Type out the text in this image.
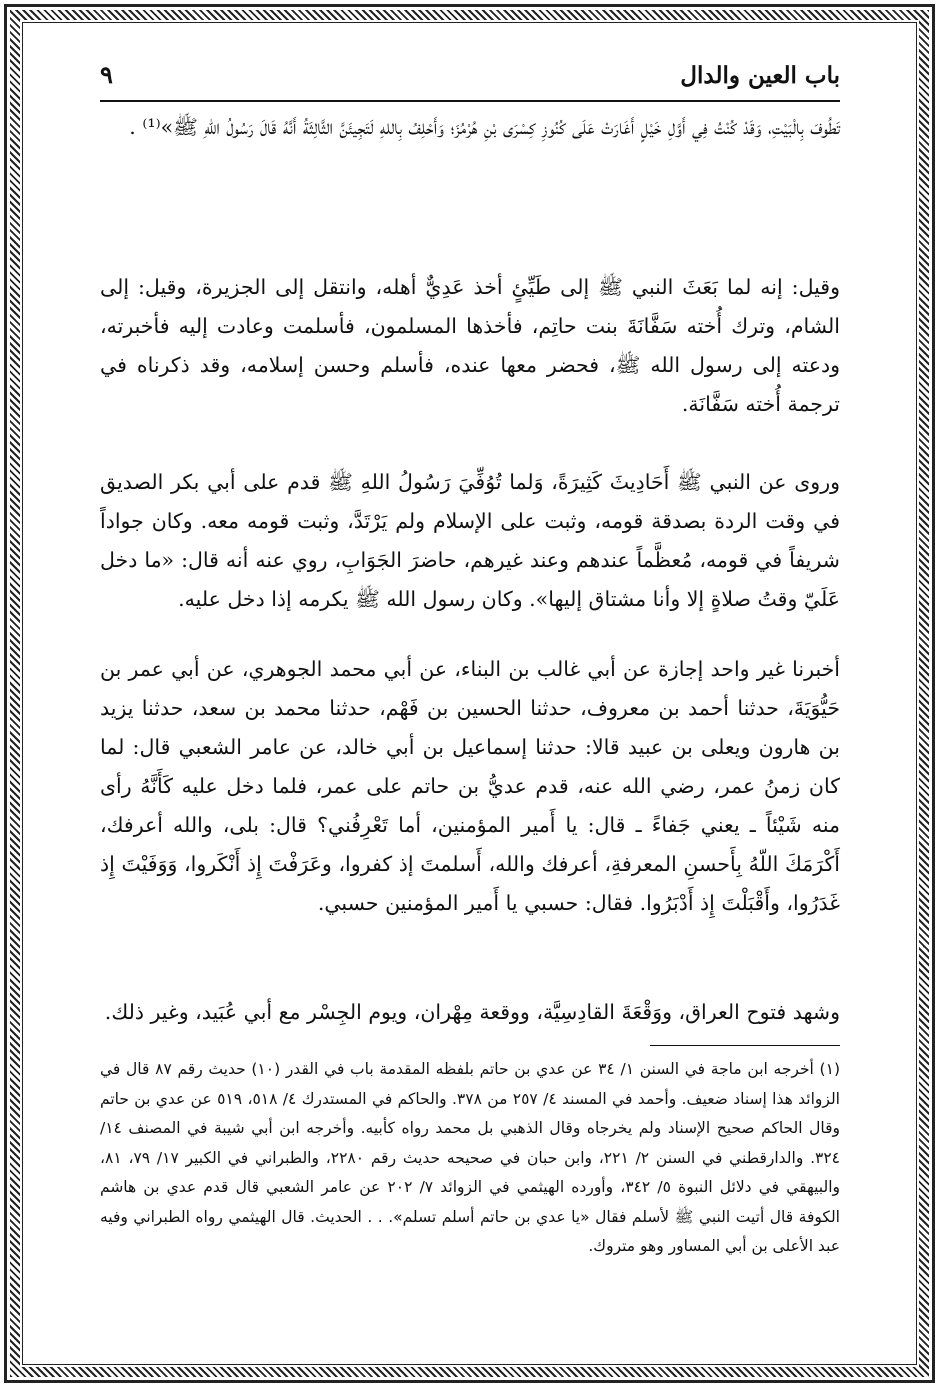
باب العين والدال
٩

تَطُوفَ بِالْبَيْتِ، وَقَدْ كُنْتُ فِي أَوَّلِ خَيْلٍ أَغَارَتْ عَلَى كُنُوزِ كِسْرَى بْنِ هُرْمُزَ؛ وَأَحْلِفُ بِاللهِ لَتَجِيئَنَّ الثَّالِثَةُ أَنَّهُ قَالَ رَسُولُ اللهِ ﷺ»⁽¹⁾ .

وقيل: إنه لما بَعَثَ النبي ﷺ إلى طَيِّئٍ أخذ عَدِيٌّ أهله، وانتقل إلى الجزيرة، وقيل: إلى الشام، وترك أُخته سَفَّانَةَ بنت حاتِم، فأخذها المسلمون، فأسلمت وعادت إليه فأخبرته، ودعته إلى رسول الله ﷺ، فحضر معها عنده، فأسلم وحسن إسلامه، وقد ذكرناه في ترجمة أُخته سَفَّانَة.

وروى عن النبي ﷺ أَحَادِيثَ كَثِيرَةً، وَلما تُوُفِّيَ رَسُولُ اللهِ ﷺ قدم على أبي بكر الصديق في وقت الردة بصدقة قومه، وثبت على الإسلام ولم يَرْتَدَّ، وثبت قومه معه. وكان جواداً شريفاً في قومه، مُعظَّماً عندهم وعند غيرهم، حاضرَ الجَوَابِ، روي عنه أنه قال: «ما دخل عَلَيّ وقتُ صلاةٍ إلا وأنا مشتاق إليها». وكان رسول الله ﷺ يكرمه إذا دخل عليه.

أخبرنا غير واحد إجازة عن أبي غالب بن البناء، عن أبي محمد الجوهري، عن أبي عمر بن حَيُّوَيَةَ، حدثنا أحمد بن معروف، حدثنا الحسين بن فَهْم، حدثنا محمد بن سعد، حدثنا يزيد بن هارون ويعلى بن عبيد قالا: حدثنا إسماعيل بن أبي خالد، عن عامر الشعبي قال: لما كان زمنُ عمر، رضي الله عنه، قدم عديُّ بن حاتم على عمر، فلما دخل عليه كَأَنَّهُ رأى منه شَيْئاً ـ يعني جَفاءً ـ قال: يا أَمير المؤمنين، أما تَعْرِفُني؟ قال: بلى، والله أعرفك، أَكْرَمَكَ اللّهُ بِأَحسنِ المعرفةِ، أعرفك والله، أَسلمتَ إذ كفروا، وعَرَفْتَ إِذ أَنْكَروا، وَوَفَيْتَ إِذ غَدَرُوا، وأَقْبَلْتَ إِذ أَدْبَرُوا. فقال: حسبي يا أَمير المؤمنين حسبي.

وشهد فتوح العراق، ووَقْعَةَ القادِسِيَّة، ووقعة مِهْران، ويوم الجِسْر مع أبي عُبَيد، وغير ذلك.

(١) أخرجه ابن ماجة في السنن ١/ ٣٤ عن عدي بن حاتم بلفظه المقدمة باب في القدر (١٠) حديث رقم ٨٧ قال في الزوائد هذا إسناد ضعيف. وأحمد في المسند ٤/ ٢٥٧ من ٣٧٨. والحاكم في المستدرك ٤/ ٥١٨، ٥١٩ عن عدي بن حاتم وقال الحاكم صحيح الإسناد ولم يخرجاه وقال الذهبي بل محمد رواه كأبيه. وأخرجه ابن أبي شيبة في المصنف ١٤/ ٣٢٤. والدارقطني في السنن ٢/ ٢٢١، وابن حبان في صحيحه حديث رقم ٢٢٨٠، والطبراني في الكبير ١٧/ ٧٩، ٨١، والبيهقي في دلائل النبوة ٥/ ٣٤٢، وأورده الهيثمي في الزوائد ٧/ ٢٠٢ عن عامر الشعبي قال قدم عدي بن هاشم الكوفة قال أتيت النبي ﷺ لأسلم فقال «يا عدي بن حاتم أسلم تسلم». . . الحديث. قال الهيثمي رواه الطبراني وفيه عبد الأعلى بن أبي المساور وهو متروك.
